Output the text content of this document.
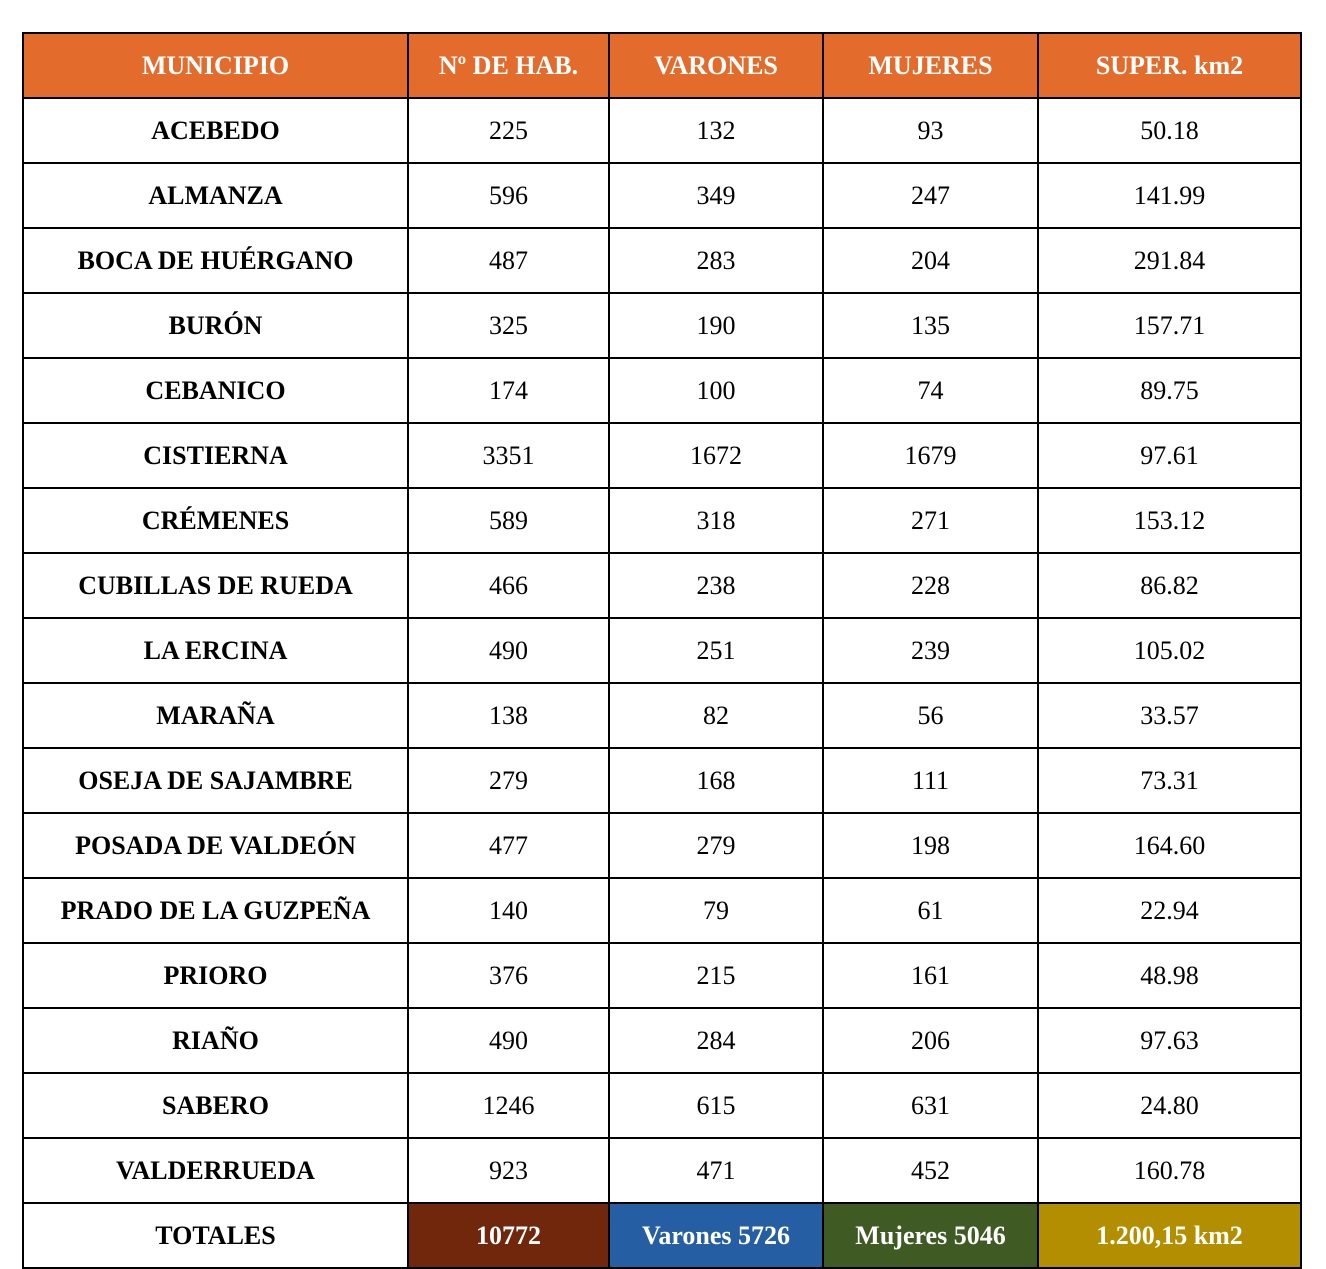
MUNICIPIO	Nº DE HAB.	VARONES	MUJERES	SUPER. km2
ACEBEDO	225	132	93	50.18
ALMANZA	596	349	247	141.99
BOCA DE HUÉRGANO	487	283	204	291.84
BURÓN	325	190	135	157.71
CEBANICO	174	100	74	89.75
CISTIERNA	3351	1672	1679	97.61
CRÉMENES	589	318	271	153.12
CUBILLAS DE RUEDA	466	238	228	86.82
LA ERCINA	490	251	239	105.02
MARAÑA	138	82	56	33.57
OSEJA DE SAJAMBRE	279	168	111	73.31
POSADA DE VALDEÓN	477	279	198	164.60
PRADO DE LA GUZPEÑA	140	79	61	22.94
PRIORO	376	215	161	48.98
RIAÑO	490	284	206	97.63
SABERO	1246	615	631	24.80
VALDERRUEDA	923	471	452	160.78
TOTALES	10772	Varones 5726	Mujeres 5046	1.200,15 km2
